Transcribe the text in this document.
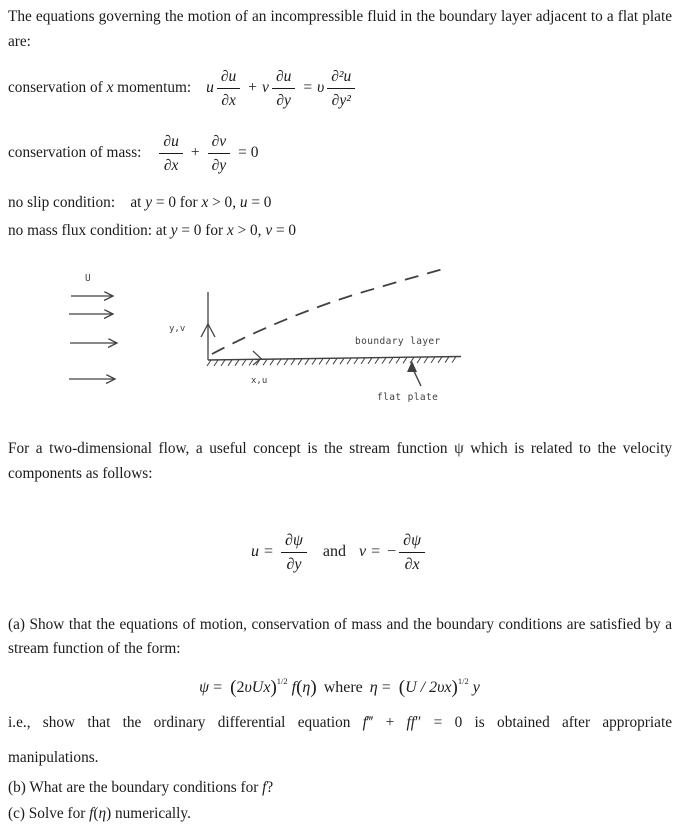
The equations governing the motion of an incompressible fluid in the boundary layer adjacent to a flat plate are:
conservation of x momentum: u $\frac{\partial u}{\partial x} + v \frac{\partial u}{\partial y} = \upsilon \frac{\text{∂²u}}{\text{∂y²}}$
conservation of mass: $\frac{\partial u}{\partial x} + \frac{\partial v}{\partial y} = 0$
no slip condition:    at y = 0 for x > 0, u = 0
no mass flux condition: at y = 0 for x > 0, v = 0
U
y,v
x,u
boundary layer
flat plate
For a two-dimensional flow, a useful concept is the stream function ψ which is related to the velocity components as follows:
$u = \frac{\partial\psi}{\partial y}$ and v = − $\frac{\partial\psi}{\partial x}$
(a) Show that the equations of motion, conservation of mass and the boundary conditions are satisfied by a stream function of the form:
$\psi = (2\upsilon Ux)^{1/2}$ f(η) where η = (U / 2υx)$^{1/2}$ y
i.e., show that the ordinary differential equation f‴ + ff″ = 0 is obtained after appropriate
manipulations.
(b) What are the boundary conditions for f?
(c) Solve for f(η) numerically.
